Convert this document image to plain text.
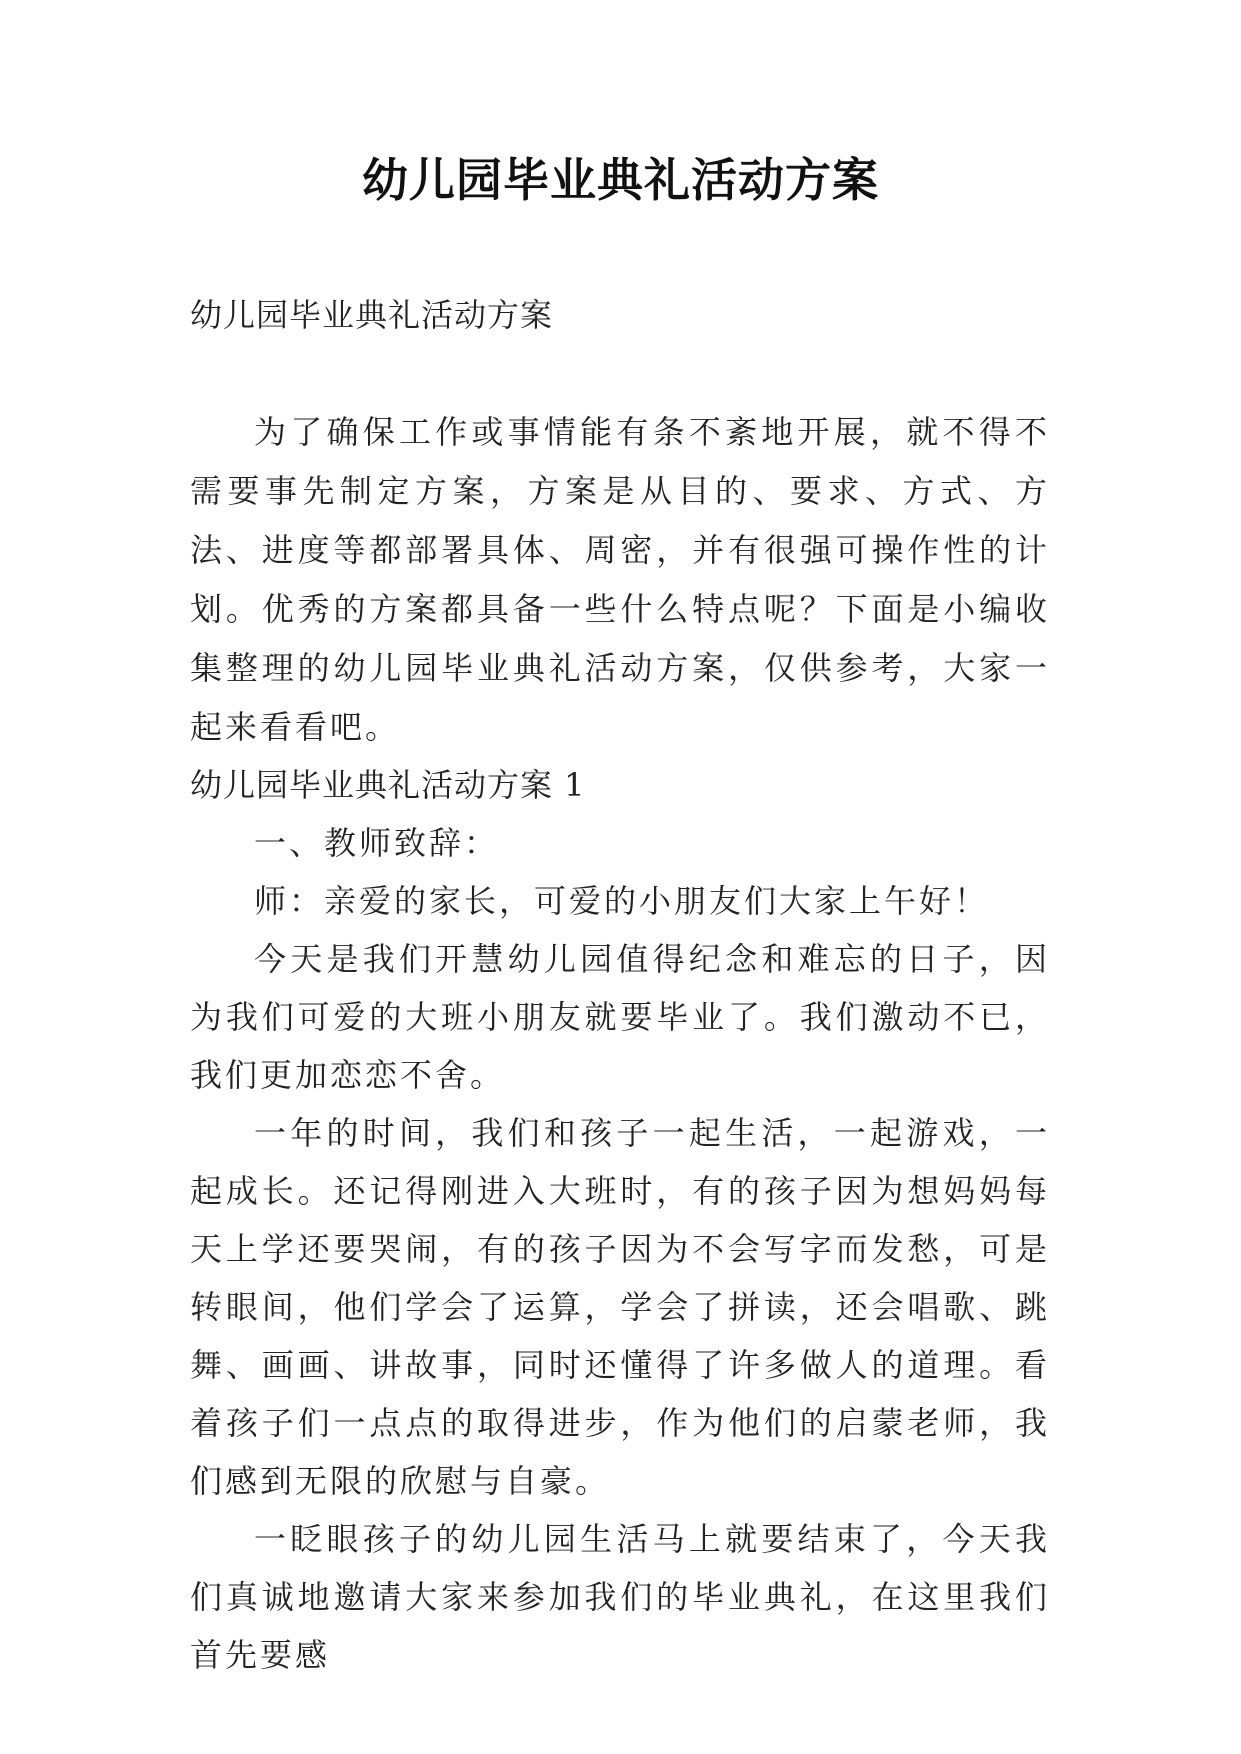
幼儿园毕业典礼活动方案
幼儿园毕业典礼活动方案
为了确保工作或事情能有条不紊地开展，就不得不需要事先制定方案，方案是从目的、要求、方式、方法、进度等都部署具体、周密，并有很强可操作性的计划。优秀的方案都具备一些什么特点呢？下面是小编收集整理的幼儿园毕业典礼活动方案，仅供参考，大家一起来看看吧。

幼儿园毕业典礼活动方案 1

一、教师致辞：

师：亲爱的家长，可爱的小朋友们大家上午好！

今天是我们开慧幼儿园值得纪念和难忘的日子，因为我们可爱的大班小朋友就要毕业了。我们激动不已，我们更加恋恋不舍。

一年的时间，我们和孩子一起生活，一起游戏，一起成长。还记得刚进入大班时，有的孩子因为想妈妈每天上学还要哭闹，有的孩子因为不会写字而发愁，可是转眼间，他们学会了运算，学会了拼读，还会唱歌、跳舞、画画、讲故事，同时还懂得了许多做人的道理。看着孩子们一点点的取得进步，作为他们的启蒙老师，我们感到无限的欣慰与自豪。

一眨眼孩子的幼儿园生活马上就要结束了，今天我们真诚地邀请大家来参加我们的毕业典礼，在这里我们首先要感
